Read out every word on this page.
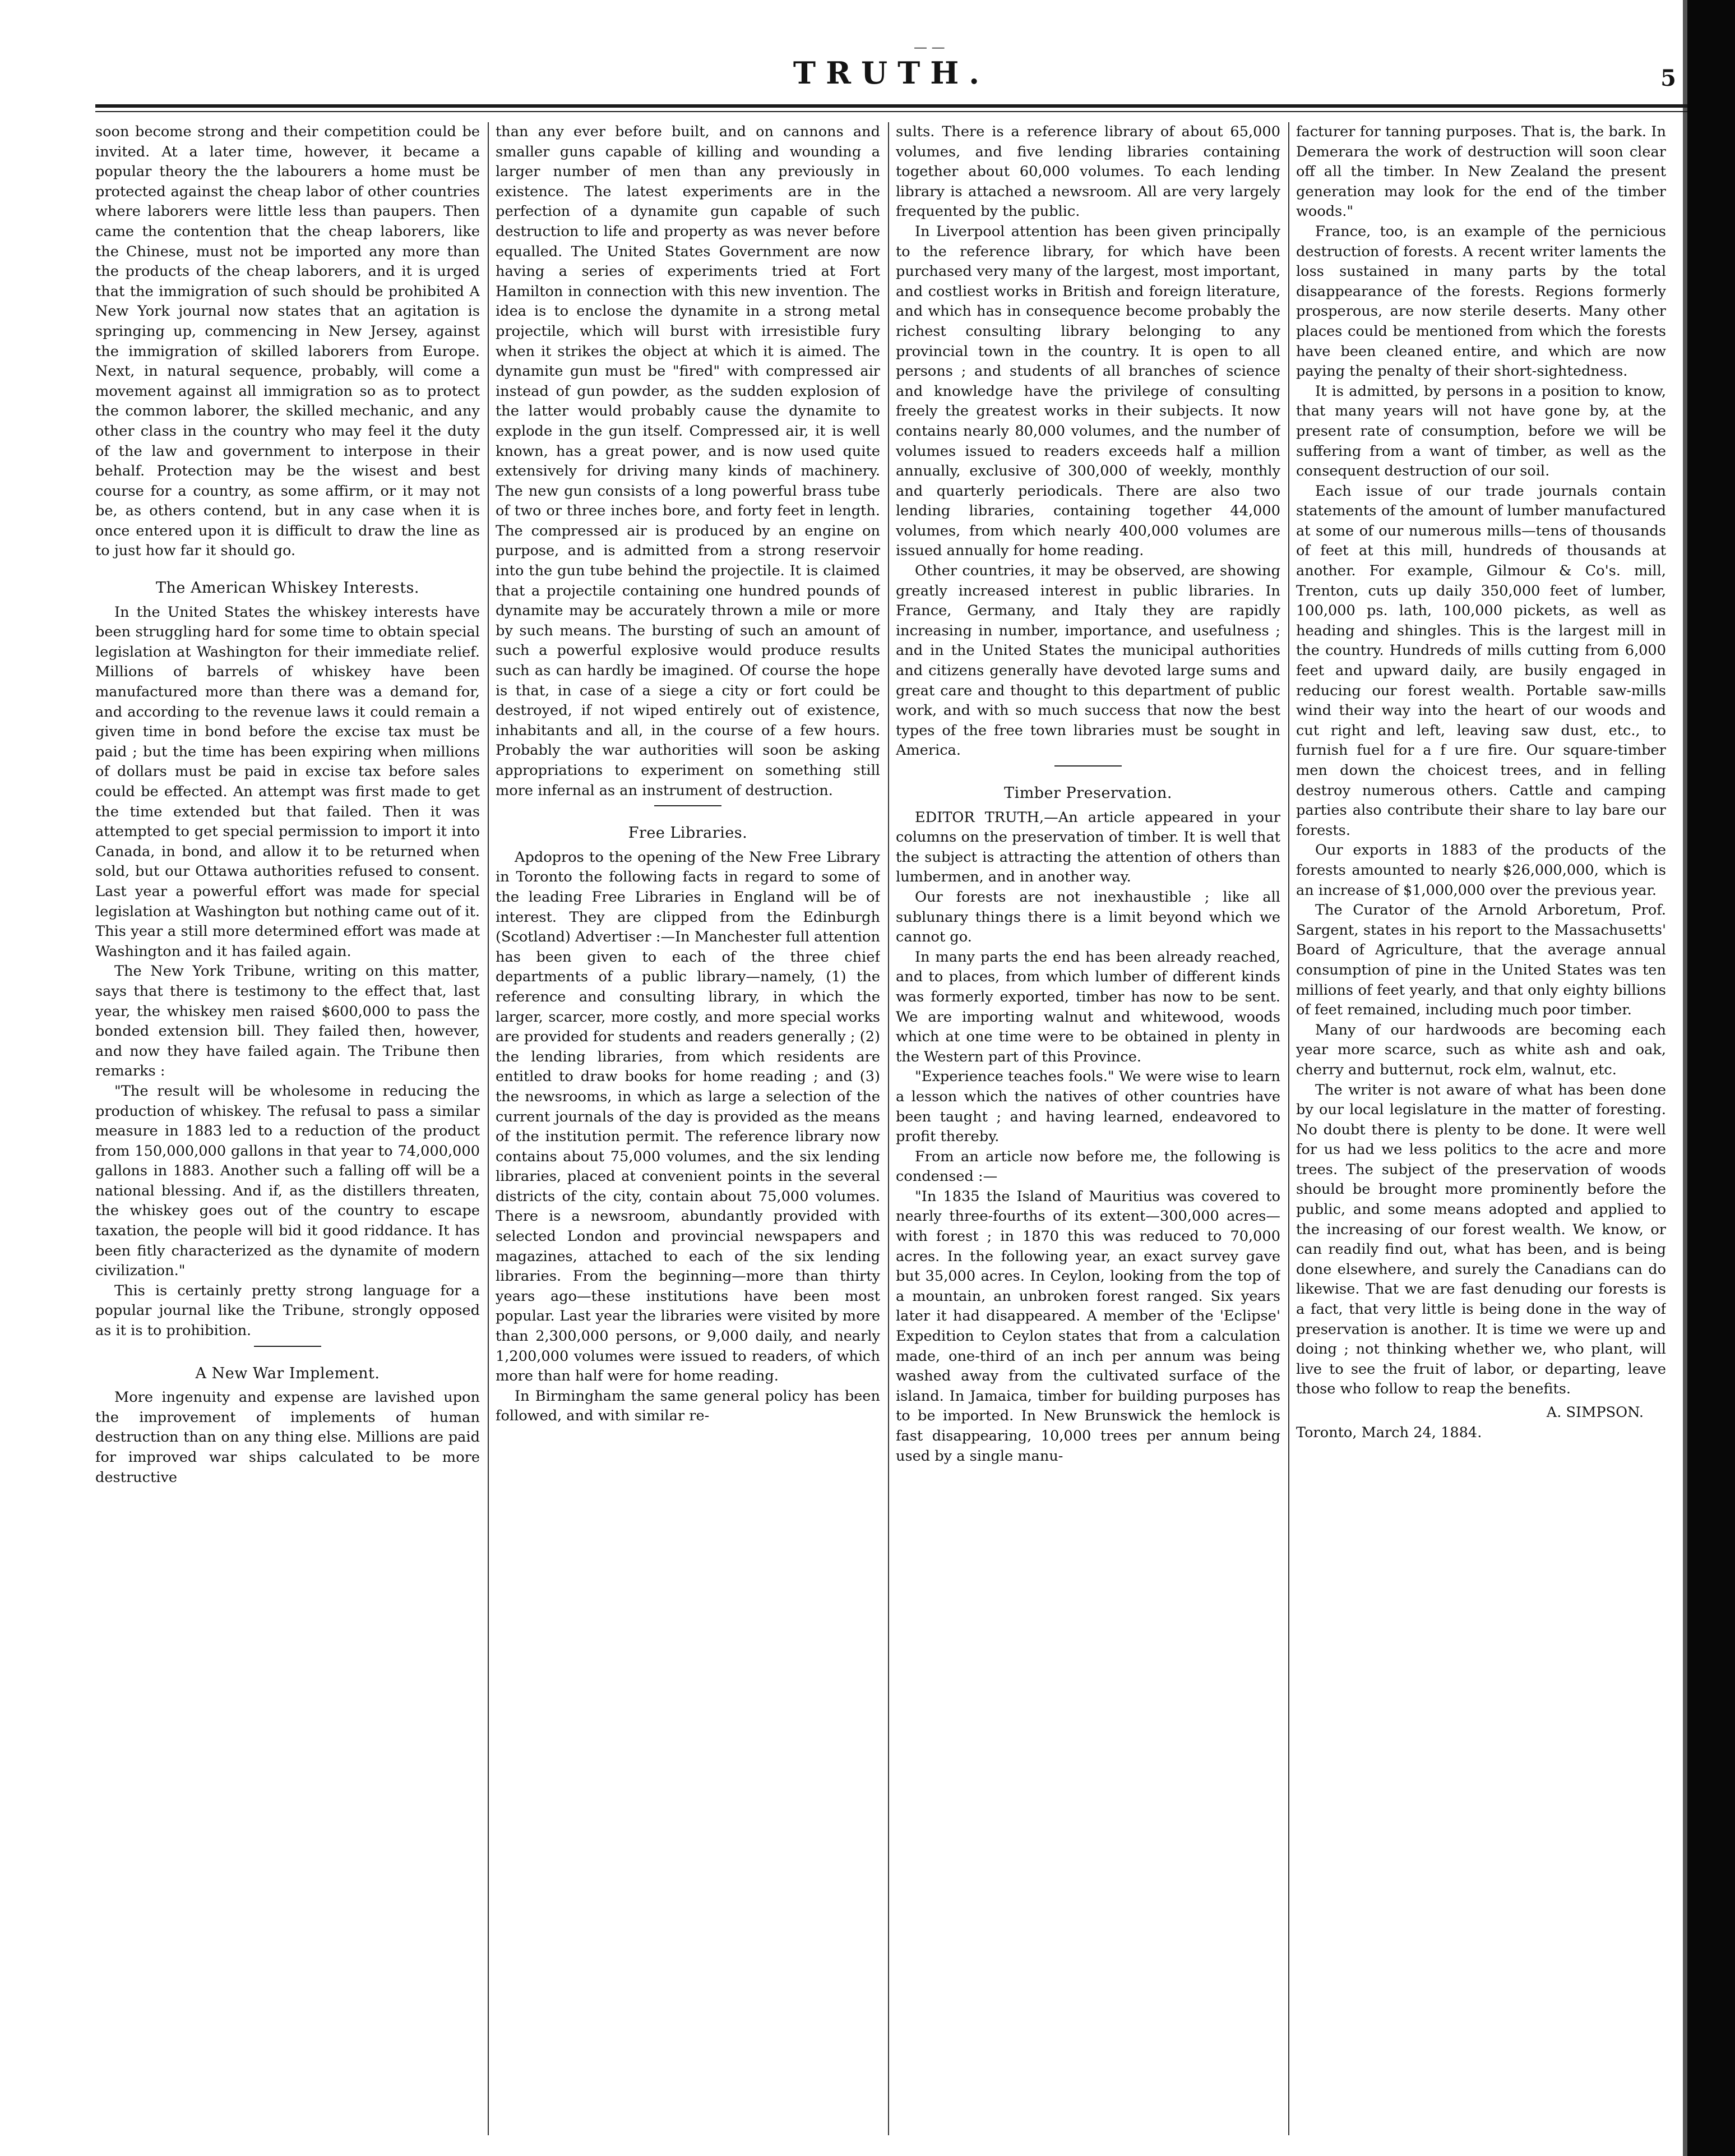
— —
TRUTH.	5

soon become strong and their competition could be invited. At a later time, however, it became a popular theory the the labourers a home must be protected against the cheap labor of other countries where laborers were little less than paupers. Then came the contention that the cheap laborers, like the Chinese, must not be imported any more than the products of the cheap laborers, and it is urged that the immigration of such should be prohibited A New York journal now states that an agitation is springing up, commencing in New Jersey, against the immigration of skilled laborers from Europe. Next, in natural sequence, probably, will come a movement against all immigration so as to protect the common laborer, the skilled mechanic, and any other class in the country who may feel it the duty of the law and government to interpose in their behalf. Protection may be the wisest and best course for a country, as some affirm, or it may not be, as others contend, but in any case when it is once entered upon it is difficult to draw the line as to just how far it should go.

The American Whiskey Interests.

In the United States the whiskey interests have been struggling hard for some time to obtain special legislation at Washington for their immediate relief. Millions of barrels of whiskey have been manufactured more than there was a demand for, and according to the revenue laws it could remain a given time in bond before the excise tax must be paid ; but the time has been expiring when millions of dollars must be paid in excise tax before sales could be effected. An attempt was first made to get the time extended but that failed. Then it was attempted to get special permission to import it into Canada, in bond, and allow it to be returned when sold, but our Ottawa authorities refused to consent. Last year a powerful effort was made for special legislation at Washington but nothing came out of it. This year a still more determined effort was made at Washington and it has failed again.

The New York Tribune, writing on this matter, says that there is testimony to the effect that, last year, the whiskey men raised $600,000 to pass the bonded extension bill. They failed then, however, and now they have failed again. The Tribune then remarks :

"The result will be wholesome in reducing the production of whiskey. The refusal to pass a similar measure in 1883 led to a reduction of the product from 150,000,000 gallons in that year to 74,000,000 gallons in 1883. Another such a falling off will be a national blessing. And if, as the distillers threaten, the whiskey goes out of the country to escape taxation, the people will bid it good riddance. It has been fitly characterized as the dynamite of modern civilization."

This is certainly pretty strong language for a popular journal like the Tribune, strongly opposed as it is to prohibition.

A New War Implement.

More ingenuity and expense are lavished upon the improvement of implements of human destruction than on any thing else. Millions are paid for improved war ships calculated to be more destructive

than any ever before built, and on cannons and smaller guns capable of killing and wounding a larger number of men than any previously in existence. The latest experiments are in the perfection of a dynamite gun capable of such destruction to life and property as was never before equalled. The United States Government are now having a series of experiments tried at Fort Hamilton in connection with this new invention. The idea is to enclose the dynamite in a strong metal projectile, which will burst with irresistible fury when it strikes the object at which it is aimed. The dynamite gun must be "fired" with compressed air instead of gun powder, as the sudden explosion of the latter would probably cause the dynamite to explode in the gun itself. Compressed air, it is well known, has a great power, and is now used quite extensively for driving many kinds of machinery. The new gun consists of a long powerful brass tube of two or three inches bore, and forty feet in length. The compressed air is produced by an engine on purpose, and is admitted from a strong reservoir into the gun tube behind the projectile. It is claimed that a projectile containing one hundred pounds of dynamite may be accurately thrown a mile or more by such means. The bursting of such an amount of such a powerful explosive would produce results such as can hardly be imagined. Of course the hope is that, in case of a siege a city or fort could be destroyed, if not wiped entirely out of existence, inhabitants and all, in the course of a few hours. Probably the war authorities will soon be asking appropriations to experiment on something still more infernal as an instrument of destruction.

Free Libraries.

Apdopros to the opening of the New Free Library in Toronto the following facts in regard to some of the leading Free Libraries in England will be of interest. They are clipped from the Edinburgh (Scotland) Advertiser :—In Manchester full attention has been given to each of the three chief departments of a public library—namely, (1) the reference and consulting library, in which the larger, scarcer, more costly, and more special works are provided for students and readers generally ; (2) the lending libraries, from which residents are entitled to draw books for home reading ; and (3) the newsrooms, in which as large a selection of the current journals of the day is provided as the means of the institution permit. The reference library now contains about 75,000 volumes, and the six lending libraries, placed at convenient points in the several districts of the city, contain about 75,000 volumes. There is a newsroom, abundantly provided with selected London and provincial newspapers and magazines, attached to each of the six lending libraries. From the beginning—more than thirty years ago—these institutions have been most popular. Last year the libraries were visited by more than 2,300,000 persons, or 9,000 daily, and nearly 1,200,000 volumes were issued to readers, of which more than half were for home reading.

In Birmingham the same general policy has been followed, and with similar re-

sults. There is a reference library of about 65,000 volumes, and five lending libraries containing together about 60,000 volumes. To each lending library is attached a newsroom. All are very largely frequented by the public.

In Liverpool attention has been given principally to the reference library, for which have been purchased very many of the largest, most important, and costliest works in British and foreign literature, and which has in consequence become probably the richest consulting library belonging to any provincial town in the country. It is open to all persons ; and students of all branches of science and knowledge have the privilege of consulting freely the greatest works in their subjects. It now contains nearly 80,000 volumes, and the number of volumes issued to readers exceeds half a million annually, exclusive of 300,000 of weekly, monthly and quarterly periodicals. There are also two lending libraries, containing together 44,000 volumes, from which nearly 400,000 volumes are issued annually for home reading.

Other countries, it may be observed, are showing greatly increased interest in public libraries. In France, Germany, and Italy they are rapidly increasing in number, importance, and usefulness ; and in the United States the municipal authorities and citizens generally have devoted large sums and great care and thought to this department of public work, and with so much success that now the best types of the free town libraries must be sought in America.

Timber Preservation.

EDITOR TRUTH,—An article appeared in your columns on the preservation of timber. It is well that the subject is attracting the attention of others than lumbermen, and in another way.

Our forests are not inexhaustible ; like all sublunary things there is a limit beyond which we cannot go.

In many parts the end has been already reached, and to places, from which lumber of different kinds was formerly exported, timber has now to be sent. We are importing walnut and whitewood, woods which at one time were to be obtained in plenty in the Western part of this Province.

"Experience teaches fools." We were wise to learn a lesson which the natives of other countries have been taught ; and having learned, endeavored to profit thereby.

From an article now before me, the following is condensed :—

"In 1835 the Island of Mauritius was covered to nearly three-fourths of its extent—300,000 acres—with forest ; in 1870 this was reduced to 70,000 acres. In the following year, an exact survey gave but 35,000 acres. In Ceylon, looking from the top of a mountain, an unbroken forest ranged. Six years later it had disappeared. A member of the 'Eclipse' Expedition to Ceylon states that from a calculation made, one-third of an inch per annum was being washed away from the cultivated surface of the island. In Jamaica, timber for building purposes has to be imported. In New Brunswick the hemlock is fast disappearing, 10,000 trees per annum being used by a single manu-

facturer for tanning purposes. That is, the bark. In Demerara the work of destruction will soon clear off all the timber. In New Zealand the present generation may look for the end of the timber woods."

France, too, is an example of the pernicious destruction of forests. A recent writer laments the loss sustained in many parts by the total disappearance of the forests. Regions formerly prosperous, are now sterile deserts. Many other places could be mentioned from which the forests have been cleaned entire, and which are now paying the penalty of their short-sightedness.

It is admitted, by persons in a position to know, that many years will not have gone by, at the present rate of consumption, before we will be suffering from a want of timber, as well as the consequent destruction of our soil.

Each issue of our trade journals contain statements of the amount of lumber manufactured at some of our numerous mills—tens of thousands of feet at this mill, hundreds of thousands at another. For example, Gilmour & Co's. mill, Trenton, cuts up daily 350,000 feet of lumber, 100,000 ps. lath, 100,000 pickets, as well as heading and shingles. This is the largest mill in the country. Hundreds of mills cutting from 6,000 feet and upward daily, are busily engaged in reducing our forest wealth. Portable saw-mills wind their way into the heart of our woods and cut right and left, leaving saw dust, etc., to furnish fuel for a f ure fire. Our square-timber men down the choicest trees, and in felling destroy numerous others. Cattle and camping parties also contribute their share to lay bare our forests.

Our exports in 1883 of the products of the forests amounted to nearly $26,000,000, which is an increase of $1,000,000 over the previous year.

The Curator of the Arnold Arboretum, Prof. Sargent, states in his report to the Massachusetts' Board of Agriculture, that the average annual consumption of pine in the United States was ten millions of feet yearly, and that only eighty billions of feet remained, including much poor timber.

Many of our hardwoods are becoming each year more scarce, such as white ash and oak, cherry and butternut, rock elm, walnut, etc.

The writer is not aware of what has been done by our local legislature in the matter of foresting. No doubt there is plenty to be done. It were well for us had we less politics to the acre and more trees. The subject of the preservation of woods should be brought more prominently before the public, and some means adopted and applied to the increasing of our forest wealth. We know, or can readily find out, what has been, and is being done elsewhere, and surely the Canadians can do likewise. That we are fast denuding our forests is a fact, that very little is being done in the way of preservation is another. It is time we were up and doing ; not thinking whether we, who plant, will live to see the fruit of labor, or departing, leave those who follow to reap the benefits.

A. SIMPSON.

Toronto, March 24, 1884.
